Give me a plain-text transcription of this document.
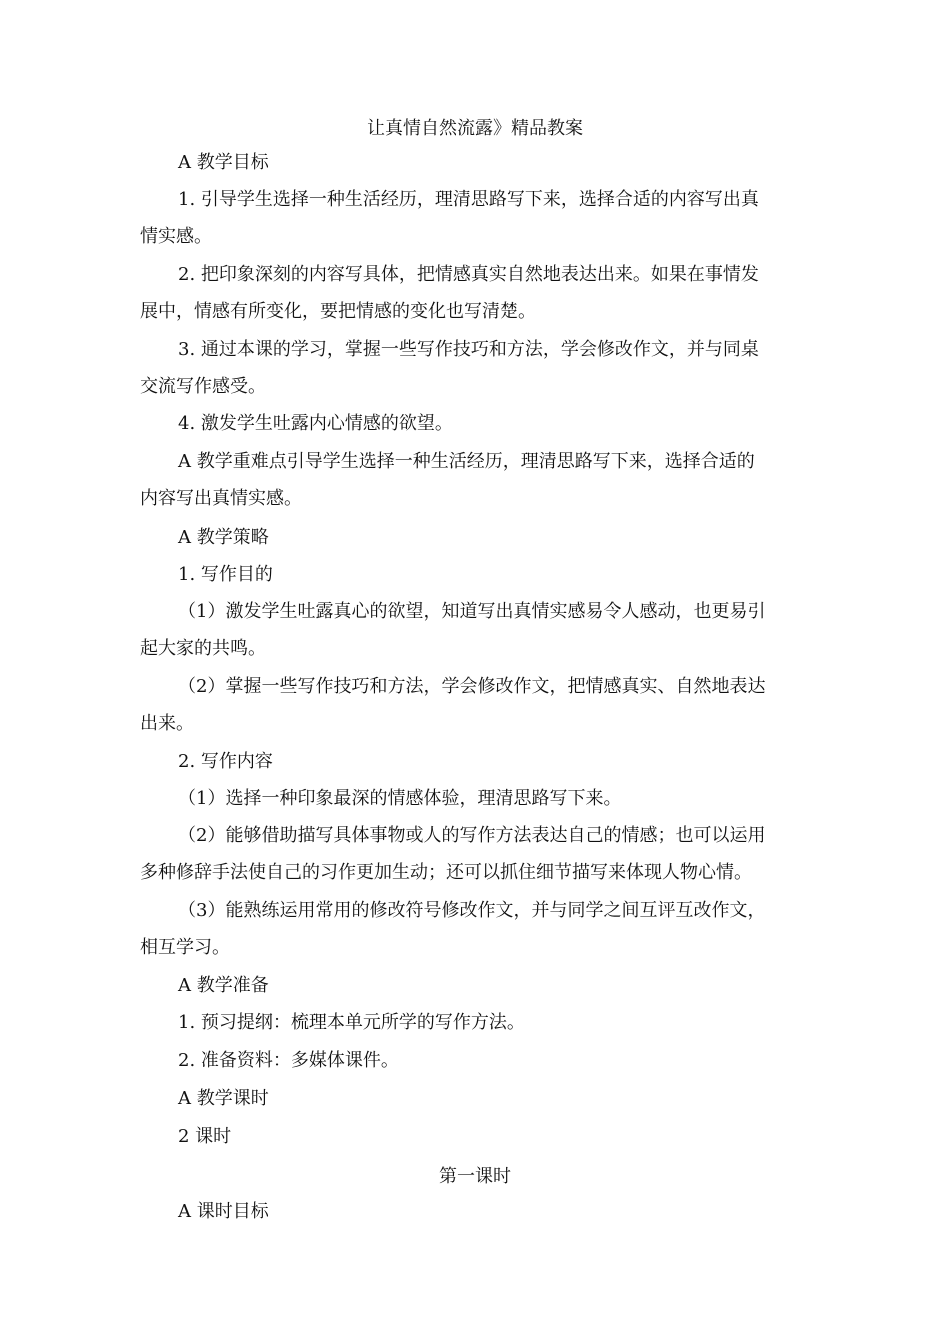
让真情自然流露》精品教案
A 教学目标
1. 引导学生选择一种生活经历，理清思路写下来，选择合适的内容写出真
情实感。
2. 把印象深刻的内容写具体，把情感真实自然地表达出来。如果在事情发
展中，情感有所变化，要把情感的变化也写清楚。
3. 通过本课的学习，掌握一些写作技巧和方法，学会修改作文，并与同桌
交流写作感受。
4. 激发学生吐露内心情感的欲望。
A 教学重难点引导学生选择一种生活经历，理清思路写下来，选择合适的
内容写出真情实感。
A 教学策略
1. 写作目的
（1）激发学生吐露真心的欲望，知道写出真情实感易令人感动，也更易引
起大家的共鸣。
（2）掌握一些写作技巧和方法，学会修改作文，把情感真实、自然地表达
出来。
2. 写作内容
（1）选择一种印象最深的情感体验，理清思路写下来。
（2）能够借助描写具体事物或人的写作方法表达自己的情感；也可以运用
多种修辞手法使自己的习作更加生动；还可以抓住细节描写来体现人物心情。
（3）能熟练运用常用的修改符号修改作文，并与同学之间互评互改作文，
相互学习。
A 教学准备
1. 预习提纲：梳理本单元所学的写作方法。
2. 准备资料：多媒体课件。
A 教学课时
2 课时
第一课时
A 课时目标
